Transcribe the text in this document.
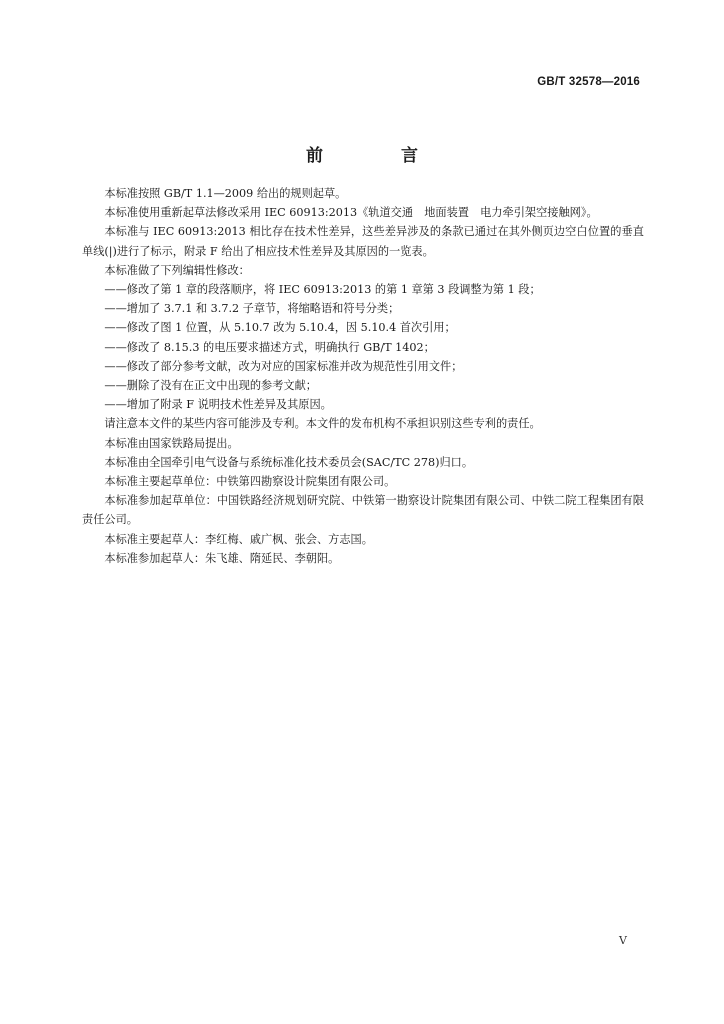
GB/T 32578—2016
前 言

本标准按照 GB/T 1.1—2009 给出的规则起草。

本标准使用重新起草法修改采用 IEC 60913:2013《轨道交通　地面装置　电力牵引架空接触网》。

本标准与 IEC 60913:2013 相比存在技术性差异，这些差异涉及的条款已通过在其外侧页边空白位置的垂直单线(|)进行了标示，附录 F 给出了相应技术性差异及其原因的一览表。

本标准做了下列编辑性修改：

——修改了第 1 章的段落顺序，将 IEC 60913:2013 的第 1 章第 3 段调整为第 1 段；

——增加了 3.7.1 和 3.7.2 子章节，将缩略语和符号分类；

——修改了图 1 位置，从 5.10.7 改为 5.10.4，因 5.10.4 首次引用；

——修改了 8.15.3 的电压要求描述方式，明确执行 GB/T 1402；

——修改了部分参考文献，改为对应的国家标准并改为规范性引用文件；

——删除了没有在正文中出现的参考文献；

——增加了附录 F 说明技术性差异及其原因。

请注意本文件的某些内容可能涉及专利。本文件的发布机构不承担识别这些专利的责任。

本标准由国家铁路局提出。

本标准由全国牵引电气设备与系统标准化技术委员会(SAC/TC 278)归口。

本标准主要起草单位：中铁第四勘察设计院集团有限公司。

本标准参加起草单位：中国铁路经济规划研究院、中铁第一勘察设计院集团有限公司、中铁二院工程集团有限责任公司。

本标准主要起草人：李红梅、戚广枫、张会、方志国。

本标准参加起草人：朱飞雄、隋延民、李朝阳。

V
